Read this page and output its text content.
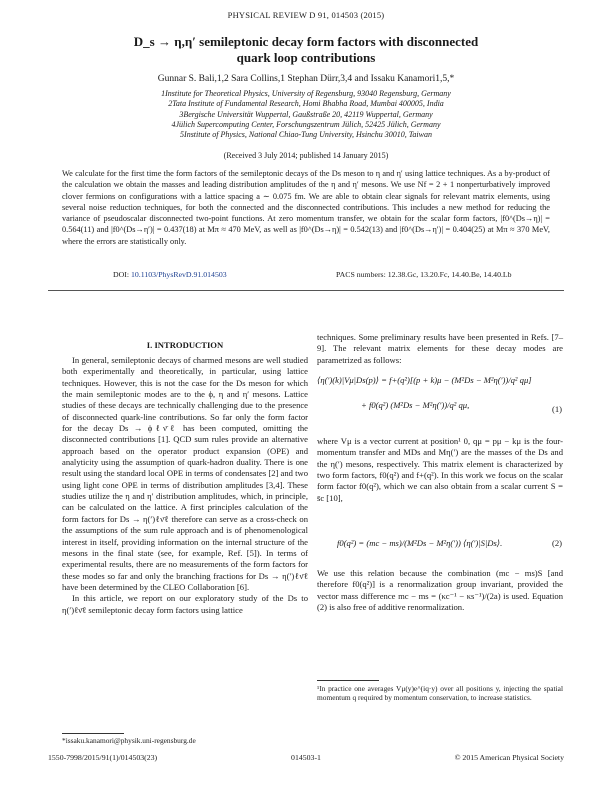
PHYSICAL REVIEW D 91, 014503 (2015)
D_s → η,η′ semileptonic decay form factors with disconnected
quark loop contributions
Gunnar S. Bali,1,2 Sara Collins,1 Stephan Dürr,3,4 and Issaku Kanamori1,5,*
1Institute for Theoretical Physics, University of Regensburg, 93040 Regensburg, Germany
2Tata Institute of Fundamental Research, Homi Bhabha Road, Mumbai 400005, India
3Bergische Universität Wuppertal, Gaußstraße 20, 42119 Wuppertal, Germany
4Jülich Supercomputing Center, Forschungszentrum Jülich, 52425 Jülich, Germany
5Institute of Physics, National Chiao-Tung University, Hsinchu 30010, Taiwan
(Received 3 July 2014; published 14 January 2015)
We calculate for the first time the form factors of the semileptonic decays of the Ds meson to η and η′ using lattice techniques. As a by-product of the calculation we obtain the masses and leading distribution amplitudes of the η and η′ mesons. We use Nf = 2 + 1 nonperturbatively improved clover fermions on configurations with a lattice spacing a ∼ 0.075 fm. We are able to obtain clear signals for relevant matrix elements, using several noise reduction techniques, for both the connected and the disconnected contributions. This includes a new method for reducing the variance of pseudoscalar disconnected two-point functions. At zero momentum transfer, we obtain for the scalar form factors, |f0^(Ds→η)| = 0.564(11) and |f0^(Ds→η′)| = 0.437(18) at Mπ ≈ 470 MeV, as well as |f0^(Ds→η)| = 0.542(13) and |f0^(Ds→η′)| = 0.404(25) at Mπ ≈ 370 MeV, where the errors are statistically only.
DOI: 10.1103/PhysRevD.91.014503	PACS numbers: 12.38.Gc, 13.20.Fc, 14.40.Be, 14.40.Lb
I. INTRODUCTION

In general, semileptonic decays of charmed mesons are well studied both experimentally and theoretically, in particular, using lattice techniques. However, this is not the case for the Ds meson for which the main semileptonic modes are to the ϕ, η and η′ mesons. Lattice studies of these decays are technically challenging due to the presence of disconnected quark-line contributions. So far only the form factor for the decay Ds → ϕℓν̄ℓ has been computed, omitting the disconnected contributions [1]. QCD sum rules provide an alternative approach based on the operator product expansion (OPE) and analyticity using the assumption of quark-hadron duality. There is one result using the standard local OPE in terms of condensates [2] and two using light cone OPE in terms of distribution amplitudes [3,4]. These studies utilize the η and η′ distribution amplitudes, which, in principle, can be calculated on the lattice. A first principles calculation of the form factors for Ds → η(′)ℓν̄ℓ therefore can serve as a cross-check on the assumptions of the sum rule approach and is of phenomenological interest in itself, providing information on the internal structure of the mesons in the final state (see, for example, Ref. [5]). In terms of experimental results, there are no measurements of the form factors for these modes so far and only the branching fractions for Ds → η(′)ℓν̄ℓ have been determined by the CLEO Collaboration [6].

In this article, we report on our exploratory study of the Ds to η(′)ℓν̄ℓ semileptonic decay form factors using lattice

*issaku.kanamori@physik.uni-regensburg.de

techniques. Some preliminary results have been presented in Refs. [7–9]. The relevant matrix elements for these decay modes are parametrized as follows:

⟨η(′)(k)|Vμ|Ds(p)⟩ = f+(q²)[(p + k)μ − (M²Ds − M²η(′))/q² qμ]
+ f0(q²) (M²Ds − M²η(′))/q² qμ,	(1)

where Vμ is a vector current at position¹ 0, qμ = pμ − kμ is the four-momentum transfer and MDs and Mη(′) are the masses of the Ds and the η(′) mesons, respectively. This matrix element is characterized by two form factors, f0(q²) and f+(q²). In this work we focus on the scalar form factor f0(q²), which we can also obtain from a scalar current S = s̄c [10],

f0(q²) = (mc − ms)/(M²Ds − M²η(′)) ⟨η(′)|S|Ds⟩.	(2)

We use this relation because the combination (mc − ms)S [and therefore f0(q²)] is a renormalization group invariant, provided the vector mass difference mc − ms = (κc⁻¹ − κs⁻¹)/(2a) is used. Equation (2) is also free of additive renormalization.

¹In practice one averages Vμ(y)e^(iq·y) over all positions y, injecting the spatial momentum q required by momentum conservation, to increase statistics.
1550-7998/2015/91(1)/014503(23)	014503-1	© 2015 American Physical Society
